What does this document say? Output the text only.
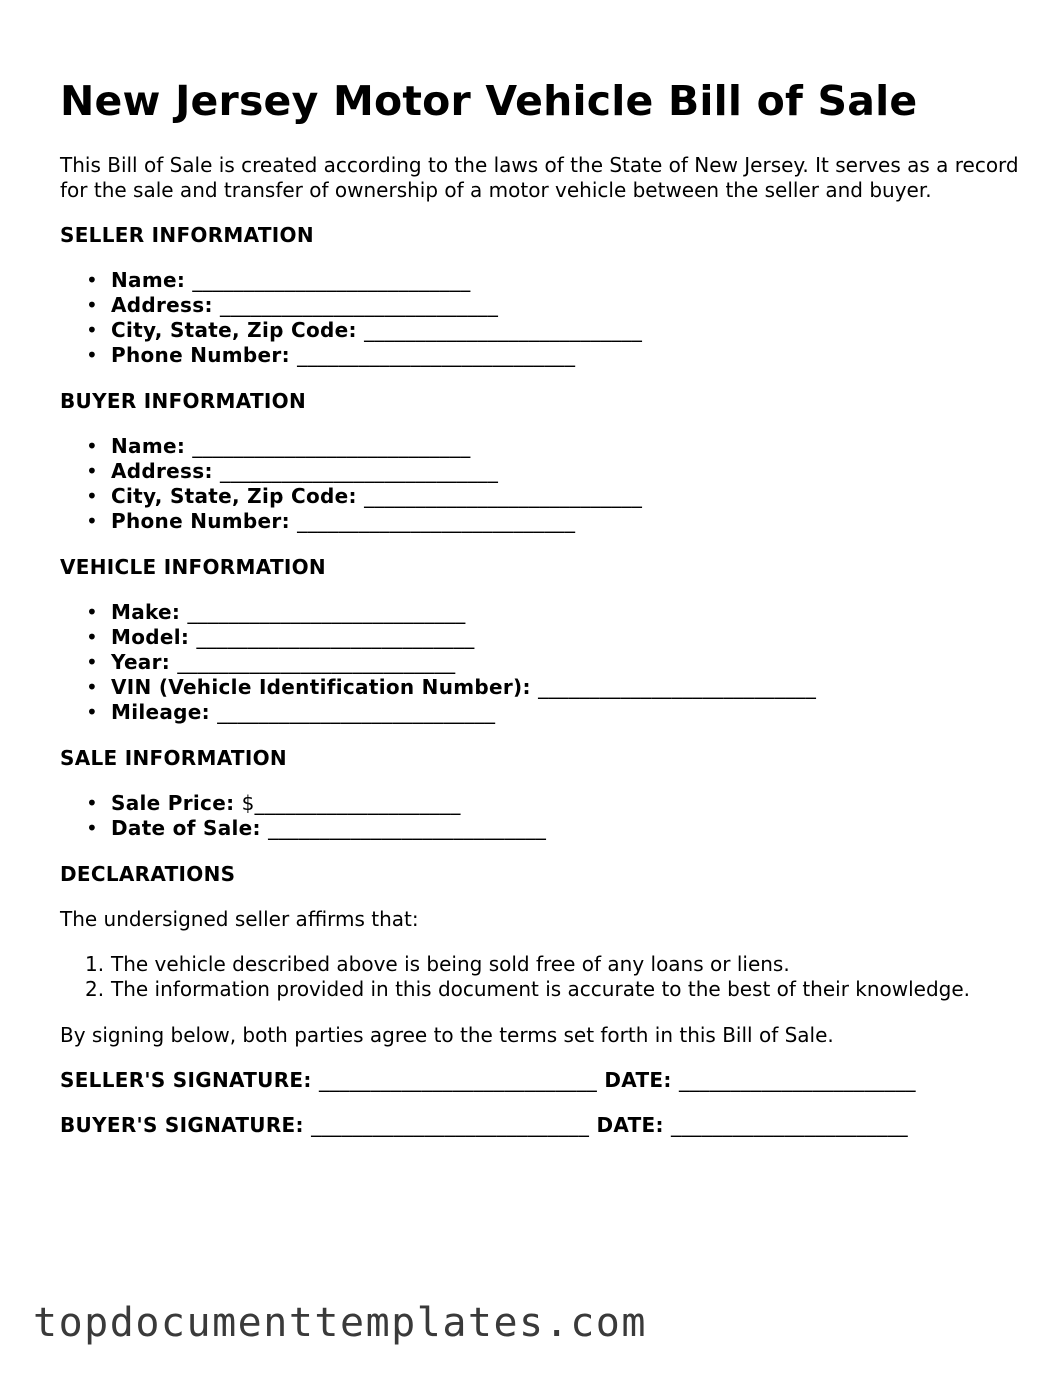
New Jersey Motor Vehicle Bill of Sale

This Bill of Sale is created according to the laws of the State of New Jersey. It serves as a record for the sale and transfer of ownership of a motor vehicle between the seller and buyer.

SELLER INFORMATION
• Name: ___________________________
• Address: ___________________________
• City, State, Zip Code: ___________________________
• Phone Number: ___________________________
BUYER INFORMATION
• Name: ___________________________
• Address: ___________________________
• City, State, Zip Code: ___________________________
• Phone Number: ___________________________
VEHICLE INFORMATION
• Make: ___________________________
• Model: ___________________________
• Year: ___________________________
• VIN (Vehicle Identification Number): ___________________________
• Mileage: ___________________________
SALE INFORMATION
• Sale Price: $____________________
• Date of Sale: ___________________________
DECLARATIONS

The undersigned seller affirms that:

1. The vehicle described above is being sold free of any loans or liens.
2. The information provided in this document is accurate to the best of their knowledge.

By signing below, both parties agree to the terms set forth in this Bill of Sale.

SELLER'S SIGNATURE: ___________________________ DATE: _______________________
BUYER'S SIGNATURE: ___________________________ DATE: _______________________
topdocumenttemplates.com
